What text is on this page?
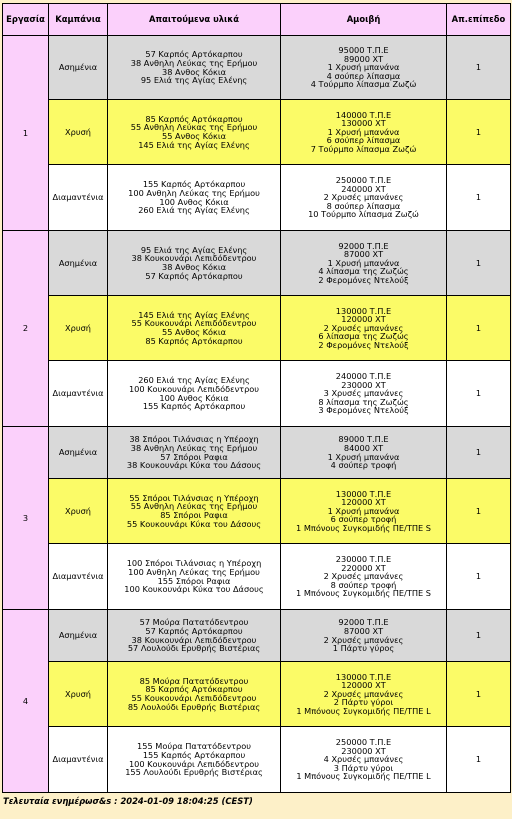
Εργασία	Καμπάνια	Απαιτούμενα υλικά	Αμοιβή	Απ.επίπεδο
1	Ασημένια	57 Καρπός Αρτόκαρπου
38 Ανθηλη Λεύκας της Ερήμου
38 Ανθος Κόκια
95 Ελιά της Αγίας Ελένης	95000 Τ.Π.Ε
89000 ΧΤ
1 Χρυσή μπανάνα
4 σούπερ λίπασμα
4 Τούρμπο λίπασμα Ζωζώ	1
	Χρυσή	85 Καρπός Αρτόκαρπου
55 Ανθηλη Λεύκας της Ερήμου
55 Ανθος Κόκια
145 Ελιά της Αγίας Ελένης	140000 Τ.Π.Ε
130000 ΧΤ
1 Χρυσή μπανάνα
6 σούπερ λίπασμα
7 Τούρμπο λίπασμα Ζωζώ	1
	Διαμαντένια	155 Καρπός Αρτόκαρπου
100 Ανθηλη Λεύκας της Ερήμου
100 Ανθος Κόκια
260 Ελιά της Αγίας Ελένης	250000 Τ.Π.Ε
240000 ΧΤ
2 Χρυσές μπανάνες
8 σούπερ λίπασμα
10 Τούρμπο λίπασμα Ζωζώ	1
2	Ασημένια	95 Ελιά της Αγίας Ελένης
38 Κουκουνάρι Λεπιδόδεντρου
38 Ανθος Κόκια
57 Καρπός Αρτόκαρπου	92000 Τ.Π.Ε
87000 ΧΤ
1 Χρυσή μπανάνα
4 λίπασμα της Ζωζώς
2 Φερομόνες Ντελούξ	1
	Χρυσή	145 Ελιά της Αγίας Ελένης
55 Κουκουνάρι Λεπιδόδεντρου
55 Ανθος Κόκια
85 Καρπός Αρτόκαρπου	130000 Τ.Π.Ε
120000 ΧΤ
2 Χρυσές μπανάνες
6 λίπασμα της Ζωζώς
2 Φερομόνες Ντελούξ	1
	Διαμαντένια	260 Ελιά της Αγίας Ελένης
100 Κουκουνάρι Λεπιδόδεντρου
100 Ανθος Κόκια
155 Καρπός Αρτόκαρπου	240000 Τ.Π.Ε
230000 ΧΤ
3 Χρυσές μπανάνες
8 λίπασμα της Ζωζώς
3 Φερομόνες Ντελούξ	1
3	Ασημένια	38 Σπόροι Τιλάνσιας η Υπέροχη
38 Ανθηλη Λεύκας της Ερήμου
57 Σπόροι Ραφια
38 Κουκουνάρι Κύκα του Δάσους	89000 Τ.Π.Ε
84000 ΧΤ
1 Χρυσή μπανάνα
4 σούπερ τροφή	1
	Χρυσή	55 Σπόροι Τιλάνσιας η Υπέροχη
55 Ανθηλη Λεύκας της Ερήμου
85 Σπόροι Ραφια
55 Κουκουνάρι Κύκα του Δάσους	130000 Τ.Π.Ε
120000 ΧΤ
1 Χρυσή μπανάνα
6 σούπερ τροφή
1 Μπόνους Συγκομιδής ΠΕ/ΤΠΕ S	1
	Διαμαντένια	100 Σπόροι Τιλάνσιας η Υπέροχη
100 Ανθηλη Λεύκας της Ερήμου
155 Σπόροι Ραφια
100 Κουκουνάρι Κύκα του Δάσους	230000 Τ.Π.Ε
220000 ΧΤ
2 Χρυσές μπανάνες
8 σούπερ τροφή
1 Μπόνους Συγκομιδής ΠΕ/ΤΠΕ S	1
4	Ασημένια	57 Μούρα Πατατόδεντρου
57 Καρπός Αρτόκαρπου
38 Κουκουνάρι Λεπιδόδεντρου
57 Λουλούδι Ερυθρής Βιστέριας	92000 Τ.Π.Ε
87000 ΧΤ
2 Χρυσές μπανάνες
1 Πάρτυ γύρος	1
	Χρυσή	85 Μούρα Πατατόδεντρου
85 Καρπός Αρτόκαρπου
55 Κουκουνάρι Λεπιδόδεντρου
85 Λουλούδι Ερυθρής Βιστέριας	130000 Τ.Π.Ε
120000 ΧΤ
2 Χρυσές μπανάνες
2 Πάρτυ γύροι
1 Μπόνους Συγκομιδής ΠΕ/ΤΠΕ L	1
	Διαμαντένια	155 Μούρα Πατατόδεντρου
155 Καρπός Αρτόκαρπου
100 Κουκουνάρι Λεπιδόδεντρου
155 Λουλούδι Ερυθρής Βιστέριας	250000 Τ.Π.Ε
230000 ΧΤ
4 Χρυσές μπανάνες
3 Πάρτυ γύροι
1 Μπόνους Συγκομιδής ΠΕ/ΤΠΕ L	1
Τελευταία ενημέρωσ&s : 2024-01-09 18:04:25 (CEST)
